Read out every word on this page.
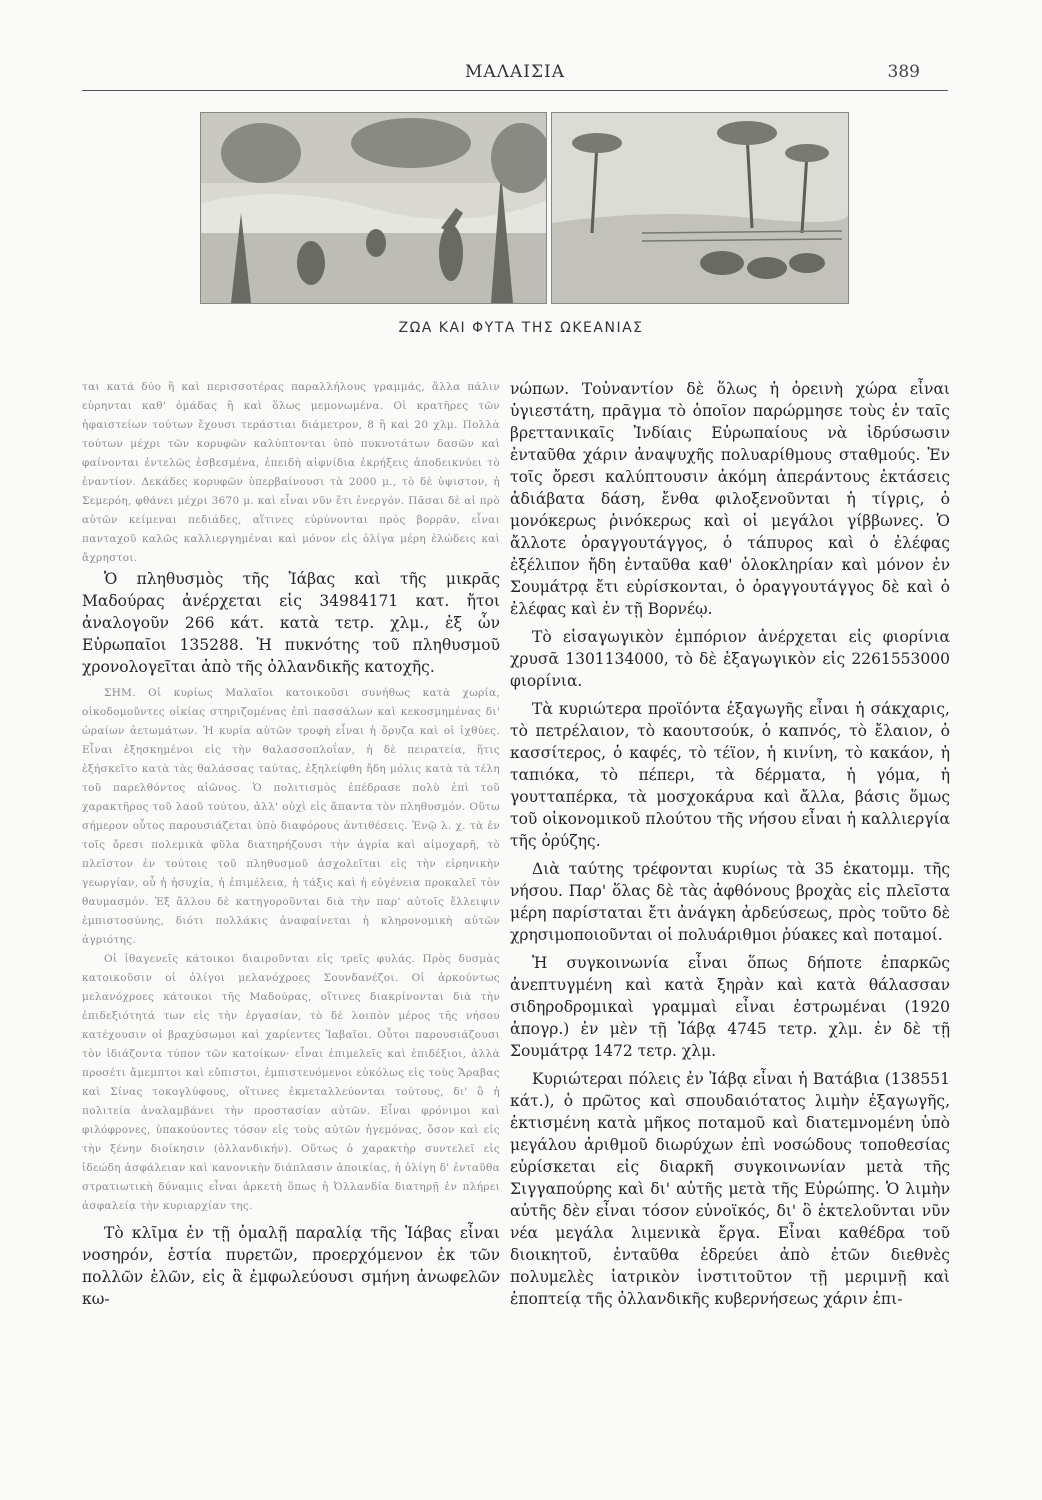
ΜΑΛΑΙΣΙΑ	389
ΖΩΑ ΚΑΙ ΦΥΤΑ ΤΗΣ ΩΚΕΑΝΙΑΣ

ται κατά δύο ἢ καὶ περισσοτέρας παραλλήλους γραμμάς, ἄλλα πάλιν εὑρηνται καθ' ὁμάδας ἢ καὶ ὅλως μεμονωμένα. Οἱ κρατῆρες τῶν ἡφαιστείων τούτων ἔχουσι τεράστιαι διάμετρον, 8 ἢ καὶ 20 χλμ. Πολλὰ τούτων μέχρι τῶν κορυφῶν καλύπτονται ὑπὸ πυκνοτάτων δασῶν καὶ φαίνονται ἐντελῶς ἐσβεσμένα, ἐπειδὴ αἰφνίδια ἐκρήξεις ἀποδεικνύει τὸ ἐναντίον. Δεκάδες κορυφῶν ὑπερβαίνουσι τὰ 2000 μ., τὸ δὲ ὑψιστον, ἡ Σεμερόη, φθάνει μέχρι 3670 μ. καὶ εἶναι νῦν ἔτι ἐνεργόν. Πᾶσαι δὲ αἱ πρὸ αὐτῶν κείμεναι πεδιάδες, αἵτινες εὑρύνονται πρὸς βορρᾶν, εἶναι πανταχοῦ καλῶς καλλιεργημέναι καὶ μόνον εἰς ὀλίγα μέρη ἑλώδεις καὶ ἄχρηστοι.

Ὁ πληθυσμὸς τῆς Ἰάβας καὶ τῆς μικρᾶς Μαδούρας ἀνέρχεται εἰς 34984171 κατ. ἤτοι ἀναλογοῦν 266 κάτ. κατὰ τετρ. χλμ., ἐξ ὧν Εὐρωπαῖοι 135288. Ἡ πυκνότης τοῦ πληθυσμοῦ χρονολογεῖται ἀπὸ τῆς ὀλλανδικῆς κατοχῆς.

ΣΗΜ. Οἱ κυρίως Μαλαῖοι κατοικοῦσι συνήθως κατὰ χωρία, οἰκοδομοῦντες οἰκίας στηριζομένας ἐπὶ πασσάλων καὶ κεκοσμημένας δι' ὡραίων ἀετωμάτων. Ἡ κυρία αὐτῶν τροφὴ εἶναι ἡ ὄρυζα καὶ οἱ ἰχθύες. Εἶναι ἐξησκημένοι εἰς τὴν θαλασσοπλοΐαν, ἡ δὲ πειρατεία, ἥτις ἐξήσκεῖτο κατὰ τὰς θαλάσσας ταύτας, ἐξηλείφθη ἤδη μόλις κατὰ τὰ τέλη τοῦ παρελθόντος αἰῶνος. Ὁ πολιτισμὸς ἐπέδρασε πολὺ ἐπὶ τοῦ χαρακτῆρος τοῦ λαοῦ τούτου, ἀλλ' οὐχὶ εἰς ἅπαντα τὸν πληθυσμόν. Οὕτω σήμερον οὗτος παρουσιάζεται ὑπὸ διαφόρους ἀντιθέσεις. Ἐνῷ λ. χ. τὰ ἐν τοῖς ὄρεσι πολεμικὰ φῦλα διατηρήζουσι τὴν ἀγρία καὶ αἱμοχαρῆ, τὸ πλεῖστον ἐν τούτοις τοῦ πληθυσμοῦ ἀσχολεῖται εἰς τὴν εἰρηνικὴν γεωργίαν, οὗ ἡ ἡσυχία, ἡ ἐπιμέλεια, ἡ τάξις καὶ ἡ εὐγένεια προκαλεῖ τὸν θαυμασμόν. Ἐξ ἄλλου δὲ κατηγοροῦνται διὰ τὴν παρ' αὐτοῖς ἔλλειψιν ἐμπιστοσύνης, διότι πολλάκις ἀναφαίνεται ἡ κληρονομικὴ αὐτῶν ἀγριότης.

Οἱ ἰθαγενεῖς κάτοικοι διαιροῦνται εἰς τρεῖς φυλάς. Πρὸς δυσμὰς κατοικοῦσιν οἱ ὀλίγοι μελανόχροες Σουνδανέζοι. Οἱ ἀρκούντως μελανόχροες κάτοικοι τῆς Μαδούρας, οἵτινες διακρίνονται διὰ τὴν ἐπιδεξιότητά των εἰς τὴν ἐργασίαν, τὸ δὲ λοιπὸν μέρος τῆς νήσου κατέχουσιν οἱ βραχύσωμοι καὶ χαρίεντες Ἰαβαῖοι. Οὗτοι παρουσιάζουσι τὸν ἰδιάζοντα τύπον τῶν κατοίκων· εἶναι ἐπιμελεῖς καὶ ἐπιδέξιοι, ἀλλὰ προσέτι ἄμεμπτοι καὶ εὔπιστοι, ἐμπιστευόμενοι εὐκόλως εἰς τοὺς Ἄραβας καὶ Σίνας τοκογλύφους, οἵτινες ἐκμεταλλεύονται τούτους, δι' ὃ ἡ πολιτεία ἀναλαμβάνει τὴν προστασίαν αὐτῶν. Εἶναι φρόνιμοι καὶ φιλόφρονες, ὑπακούοντες τόσον εἰς τοὺς αὐτῶν ἡγεμόνας, ὅσον καὶ εἰς τὴν ξένην διοίκησιν (ὀλλανδικήν). Οὕτως ὁ χαρακτὴρ συντελεῖ εἰς ἰδεώδη ἀσφάλειαν καὶ κανονικὴν διάπλασιν ἀποικίας, ἡ ὀλίγη δ' ἐνταῦθα στρατιωτικὴ δύναμις εἶναι ἀρκετὴ ὅπως ἡ Ὀλλανδία διατηρῇ ἐν πλήρει ἀσφαλείᾳ τὴν κυριαρχίαν της.

Τὸ κλῖμα ἐν τῇ ὁμαλῇ παραλίᾳ τῆς Ἰάβας εἶναι νοσηρόν, ἑστία πυρετῶν, προερχόμενον ἐκ τῶν πολλῶν ἑλῶν, εἰς ἃ ἐμφωλεύουσι σμήνη ἀνωφελῶν κω-

νώπων. Τοὐναντίον δὲ ὅλως ἡ ὀρεινὴ χώρα εἶναι ὑγιεστάτη, πρᾶγμα τὸ ὁποῖον παρώρμησε τοὺς ἐν ταῖς βρεττανικαῖς Ἰνδίαις Εὐρωπαίους νὰ ἱδρύσωσιν ἐνταῦθα χάριν ἀναψυχῆς πολυαρίθμους σταθμούς. Ἐν τοῖς ὄρεσι καλύπτουσιν ἀκόμη ἀπεράντους ἐκτάσεις ἀδιάβατα δάση, ἔνθα φιλοξενοῦνται ἡ τίγρις, ὁ μονόκερως ῥινόκερως καὶ οἱ μεγάλοι γίββωνες. Ὁ ἄλλοτε ὀραγγουτάγγος, ὁ τάπυρος καὶ ὁ ἐλέφας ἐξέλιπον ἤδη ἐνταῦθα καθ' ὁλοκληρίαν καὶ μόνον ἐν Σουμάτρᾳ ἔτι εὑρίσκονται, ὁ ὀραγγουτάγγος δὲ καὶ ὁ ἐλέφας καὶ ἐν τῇ Βορνέῳ.

Τὸ εἰσαγωγικὸν ἐμπόριον ἀνέρχεται εἰς φιορίνια χρυσᾶ 1301134000, τὸ δὲ ἐξαγωγικὸν εἰς 2261553000 φιορίνια.

Τὰ κυριώτερα προϊόντα ἐξαγωγῆς εἶναι ἡ σάκχαρις, τὸ πετρέλαιον, τὸ καουτσούκ, ὁ καπνός, τὸ ἔλαιον, ὁ κασσίτερος, ὁ καφές, τὸ τέϊον, ἡ κινίνη, τὸ κακάον, ἡ ταπιόκα, τὸ πέπερι, τὰ δέρματα, ἡ γόμα, ἡ γουτταπέρκα, τὰ μοσχοκάρυα καὶ ἄλλα, βάσις ὅμως τοῦ οἰκονομικοῦ πλούτου τῆς νήσου εἶναι ἡ καλλιεργία τῆς ὀρύζης.

Διὰ ταύτης τρέφονται κυρίως τὰ 35 ἑκατομμ. τῆς νήσου. Παρ' ὅλας δὲ τὰς ἀφθόνους βροχὰς εἰς πλεῖστα μέρη παρίσταται ἔτι ἀνάγκη ἀρδεύσεως, πρὸς τοῦτο δὲ χρησιμοποιοῦνται οἱ πολυάριθμοι ῥύακες καὶ ποταμοί.

Ἡ συγκοινωνία εἶναι ὅπως δήποτε ἐπαρκῶς ἀνεπτυγμένη καὶ κατὰ ξηρὰν καὶ κατὰ θάλασσαν σιδηροδρομικαὶ γραμμαὶ εἶναι ἐστρωμέναι (1920 ἀπογρ.) ἐν μὲν τῇ Ἰάβᾳ 4745 τετρ. χλμ. ἐν δὲ τῇ Σουμάτρᾳ 1472 τετρ. χλμ.

Κυριώτεραι πόλεις ἐν Ἰάβᾳ εἶναι ἡ Βατάβια (138551 κάτ.), ὁ πρῶτος καὶ σπουδαιότατος λιμὴν ἐξαγωγῆς, ἐκτισμένη κατὰ μῆκος ποταμοῦ καὶ διατεμνομένη ὑπὸ μεγάλου ἀριθμοῦ διωρύχων ἐπὶ νοσώδους τοποθεσίας εὑρίσκεται εἰς διαρκῆ συγκοινωνίαν μετὰ τῆς Σιγγαπούρης καὶ δι' αὐτῆς μετὰ τῆς Εὐρώπης. Ὁ λιμὴν αὐτῆς δὲν εἶναι τόσον εὐνοϊκός, δι' ὃ ἐκτελοῦνται νῦν νέα μεγάλα λιμενικὰ ἔργα. Εἶναι καθέδρα τοῦ διοικητοῦ, ἐνταῦθα ἑδρεύει ἀπὸ ἐτῶν διεθνὲς πολυμελὲς ἰατρικὸν ἰνστιτοῦτον τῇ μεριμνῇ καὶ ἐποπτείᾳ τῆς ὀλλανδικῆς κυβερνήσεως χάριν ἐπι-
